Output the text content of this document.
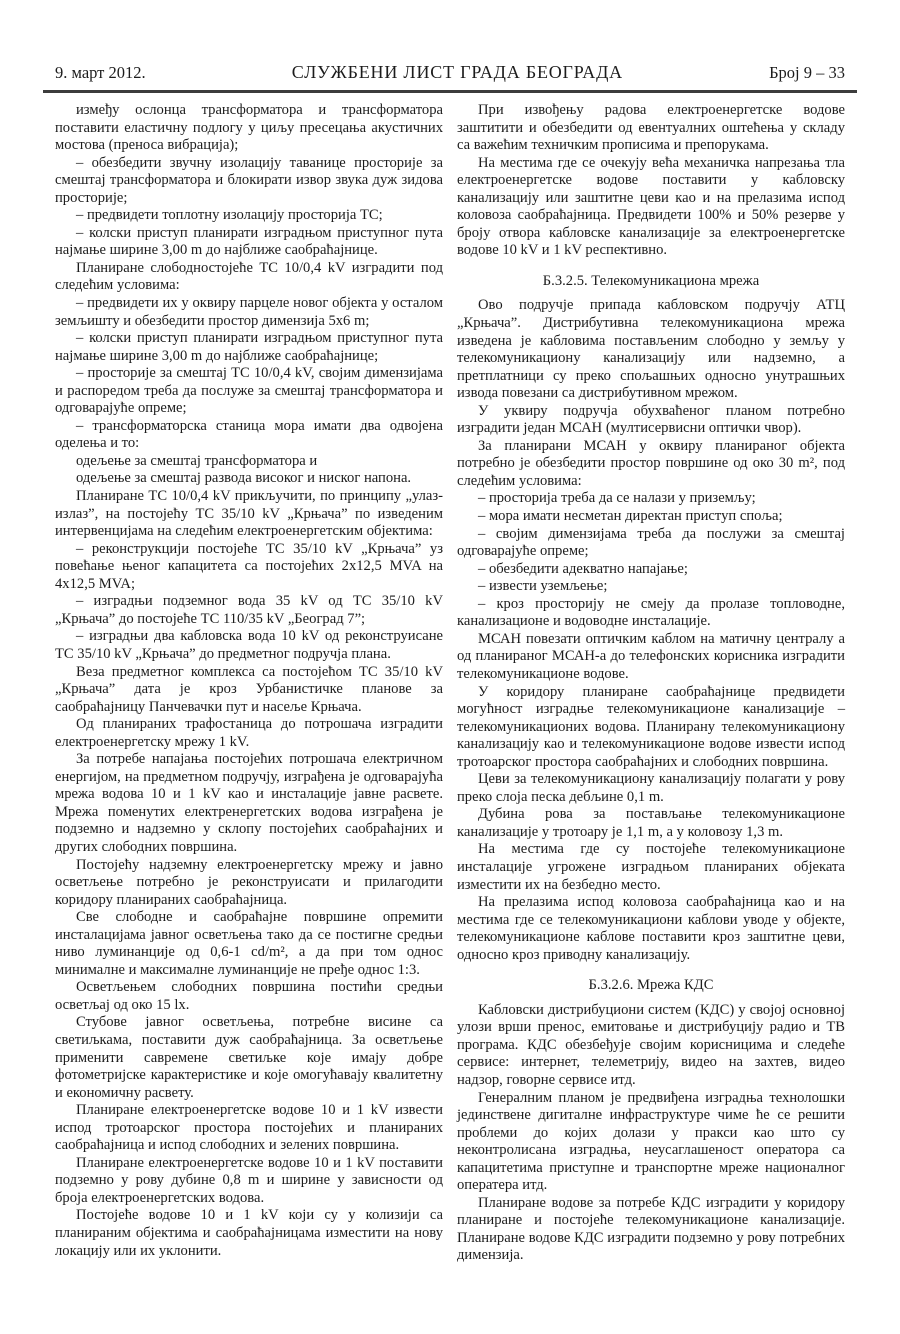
9. март 2012.	СЛУЖБЕНИ ЛИСТ ГРАДА БЕОГРАДА	Број 9 – 33

између ослонца трансформатора и трансформатора поставити еластичну подлогу у циљу пресецања акустичних мостова (преноса вибрација);

– обезбедити звучну изолацију таванице просторије за смештај трансформатора и блокирати извор звука дуж зидова просторије;

– предвидети топлотну изолацију просторија ТС;

– колски приступ планирати изградњом приступног пута најмање ширине 3,00 m до најближе саобраћајнице.

Планиране слободностојеће ТС 10/0,4 kV изградити под следећим условима:

– предвидети их у оквиру парцеле новог објекта у осталом земљишту и обезбедити простор димензија 5x6 m;

– колски приступ планирати изградњом приступног пута најмање ширине 3,00 m до најближе саобраћајнице;

– просторије за смештај ТС 10/0,4 kV, својим димензијама и распоредом треба да послуже за смештај трансформатора и одговарајуће опреме;

– трансформаторска станица мора имати два одвојена оделења и то:

одељење за смештај трансформатора и

одељење за смештај развода високог и ниског напона.

Планиране ТС 10/0,4 kV прикључити, по принципу „улаз-излаз”, на постојећу ТС 35/10 kV „Крњача” по изведеним интервенцијама на следећим електроенергетским објектима:

– реконструкцији постојеће ТС 35/10 kV „Крњача” уз повећање њеног капацитета са постојећих 2x12,5 MVA на 4x12,5 MVA;

– изградњи подземног вода 35 kV од ТС 35/10 kV „Крњача” до постојеће ТС 110/35 kV „Београд 7”;

– изградњи два кабловска вода 10 kV од реконструисане ТС 35/10 kV „Крњача” до предметног подручја плана.

Веза предметног комплекса са постојећом ТС 35/10 kV „Крњача” дата је кроз Урбанистичке планове за саобраћајницу Панчевачки пут и насеље Крњача.

Од планираних трафостаница до потрошача изградити електроенергетску мрежу 1 kV.

За потребе напајања постојећих потрошача електричном енергијом, на предметном подручју, изграђена је одговарајућа мрежа водова 10 и 1 kV као и инсталације јавне расвете. Мрежа поменутих електренергетских водова изграђена је подземно и надземно у склопу постојећих саобраћајних и других слободних површина.

Постојећу надземну електроенергетску мрежу и јавно осветљење потребно је реконструисати и прилагодити коридору планираних саобраћајница.

Све слободне и саобраћајне површине опремити инсталацијама јавног осветљења тако да се постигне средњи ниво луминанције од 0,6-1 cd/m², а да при том однос минималне и максималне луминанције не пређе однос 1:3.

Осветљењем слободних површина постићи средњи осветљај од око 15 lx.

Стубове јавног осветљења, потребне висине са светиљкама, поставити дуж саобраћајница. За осветљење применити савремене светиљке које имају добре фотометријске карактеристике и које омогућавају квалитетну и економичну расвету.

Планиране електроенергетске водове 10 и 1 kV извести испод тротоарског простора постојећих и планираних саобраћајница и испод слободних и зелених површина.

Планиране електроенергетске водове 10 и 1 kV поставити подземно у рову дубине 0,8 m и ширине у зависности од броја електроенергетских водова.

Постојеће водове 10 и 1 kV који су у колизији са планираним објектима и саобраћајницама изместити на нову локацију или их уклонити.

При извођењу радова електроенергетске водове заштитити и обезбедити од евентуалних оштећења у складу са важећим техничким прописима и препорукама.

На местима где се очекују већа механичка напрезања тла електроенергетске водове поставити у кабловску канализацију или заштитне цеви као и на прелазима испод коловоза саобраћајница. Предвидети 100% и 50% резерве у броју отвора кабловске канализације за електроенергетске водове 10 kV и 1 kV респективно.

Б.3.2.5. Телекомуникациона мрежа

Ово подручје припада кабловском подручју АТЦ „Крњача”. Дистрибутивна телекомуникациона мрежа изведена је кабловима постављеним слободно у земљу у телекомуникациону канализацију или надземно, а претплатници су преко спољашњих односно унутрашњих извода повезани са дистрибутивном мрежом.

У уквиру подручја обухваћеног планом потребно изградити један МСАН (мултисервисни оптички чвор).

За планирани МСАН у оквиру планираног објекта потребно је обезбедити простор површине од око 30 m², под следећим условима:

– просторија треба да се налази у приземљу;

– мора имати несметан директан приступ споља;

– својим димензијама треба да послужи за смештај одговарајуће опреме;

– обезбедити адекватно напајање;

– извести уземљење;

– кроз просторију не смеју да пролазе топловодне, канализационе и водоводне инсталације.

МСАН повезати оптичким каблом на матичну централу а од планираног МСАН-а до телефонских корисника изградити телекомуникационе водове.

У коридору планиране саобраћајнице предвидети могућност изградње телекомуникационе канализације – телекомуникационих водова. Планирану телекомуникациону канализацију као и телекомуникационе водове извести испод тротоарског простора саобраћајних и слободних површина.

Цеви за телекомуникациону канализацију полагати у рову преко слоја песка дебљине 0,1 m.

Дубина рова за постављање телекомуникационе канализације у тротоару је 1,1 m, а у коловозу 1,3 m.

На местима где су постојеће телекомуникационе инсталације угрожене изградњом планираних објеката изместити их на безбедно место.

На прелазима испод коловоза саобраћајница као и на местима где се телекомуникациони каблови уводе у објекте, телекомуникационе каблове поставити кроз заштитне цеви, односно кроз приводну канализацију.

Б.3.2.6. Мрежа КДС

Кабловски дистрибуциони систем (КДС) у својој основној улози врши пренос, емитовање и дистрибуцију радио и ТВ програма. КДС обезбеђује својим корисницима и следеће сервисе: интернет, телеметрију, видео на захтев, видео надзор, говорне сервисе итд.

Генералним планом је предвиђена изградња технолошки јединствене дигиталне инфраструктуре чиме ће се решити проблеми до којих долази у пракси као што су неконтролисана изградња, неусаглашеност оператора са капацитетима приступне и транспортне мреже националног оператера итд.

Планиране водове за потребе КДС изградити у коридору планиране и постојеће телекомуникационе канализације. Планиране водове КДС изградити подземно у рову потребних димензија.
